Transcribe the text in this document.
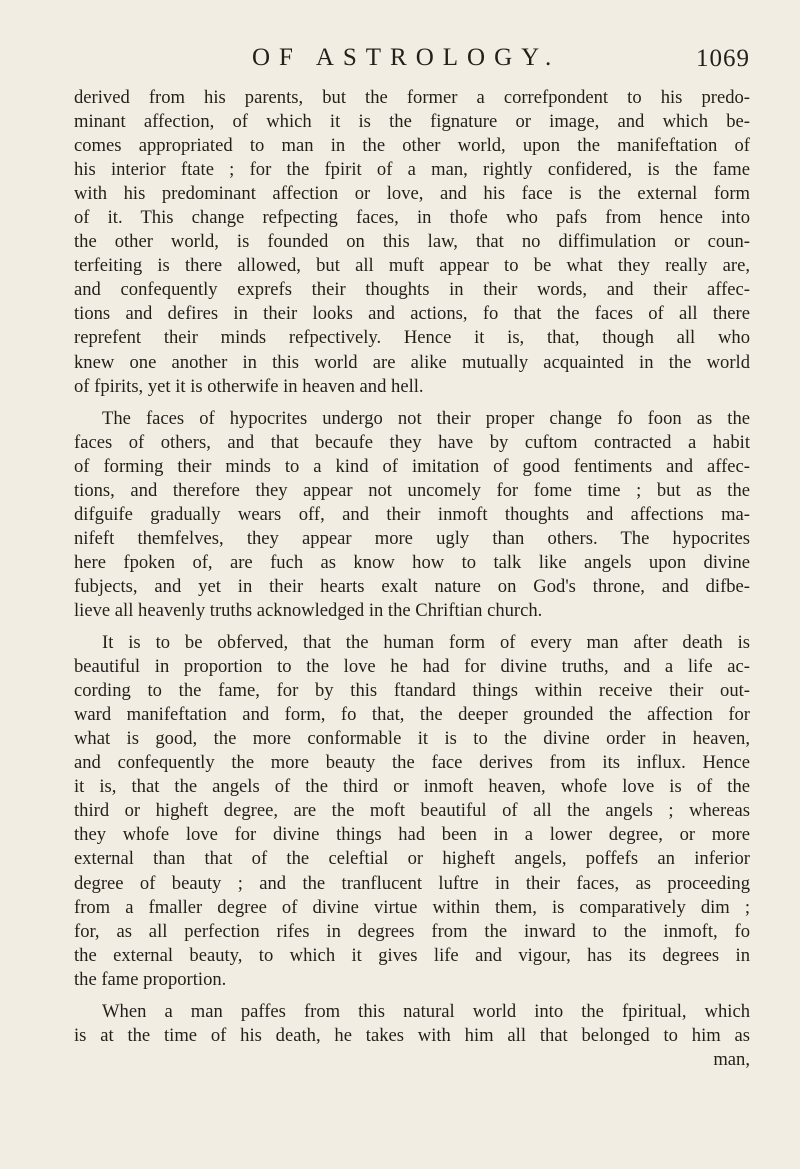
OF ASTROLOGY.	1069
derived from his parents, but the former a correfpondent to his predo-
minant affection, of which it is the fignature or image, and which be-
comes appropriated to man in the other world, upon the manifeftation of
his interior ftate ; for the fpirit of a man, rightly confidered, is the fame
with his predominant affection or love, and his face is the external form
of it. This change refpecting faces, in thofe who pafs from hence into
the other world, is founded on this law, that no diffimulation or coun-
terfeiting is there allowed, but all muft appear to be what they really are,
and confequently exprefs their thoughts in their words, and their affec-
tions and defires in their looks and actions, fo that the faces of all there
reprefent their minds refpectively. Hence it is, that, though all who
knew one another in this world are alike mutually acquainted in the world
of fpirits, yet it is otherwife in heaven and hell.
The faces of hypocrites undergo not their proper change fo foon as the
faces of others, and that becaufe they have by cuftom contracted a habit
of forming their minds to a kind of imitation of good fentiments and affec-
tions, and therefore they appear not uncomely for fome time ; but as the
difguife gradually wears off, and their inmoft thoughts and affections ma-
nifeft themfelves, they appear more ugly than others. The hypocrites
here fpoken of, are fuch as know how to talk like angels upon divine
fubjects, and yet in their hearts exalt nature on God's throne, and difbe-
lieve all heavenly truths acknowledged in the Chriftian church.
It is to be obferved, that the human form of every man after death is
beautiful in proportion to the love he had for divine truths, and a life ac-
cording to the fame, for by this ftandard things within receive their out-
ward manifeftation and form, fo that, the deeper grounded the affection for
what is good, the more conformable it is to the divine order in heaven,
and confequently the more beauty the face derives from its influx. Hence
it is, that the angels of the third or inmoft heaven, whofe love is of the
third or higheft degree, are the moft beautiful of all the angels ; whereas
they whofe love for divine things had been in a lower degree, or more
external than that of the celeftial or higheft angels, poffefs an inferior
degree of beauty ; and the tranflucent luftre in their faces, as proceeding
from a fmaller degree of divine virtue within them, is comparatively dim ;
for, as all perfection rifes in degrees from the inward to the inmoft, fo
the external beauty, to which it gives life and vigour, has its degrees in
the fame proportion.
When a man paffes from this natural world into the fpiritual, which
is at the time of his death, he takes with him all that belonged to him as
man,
